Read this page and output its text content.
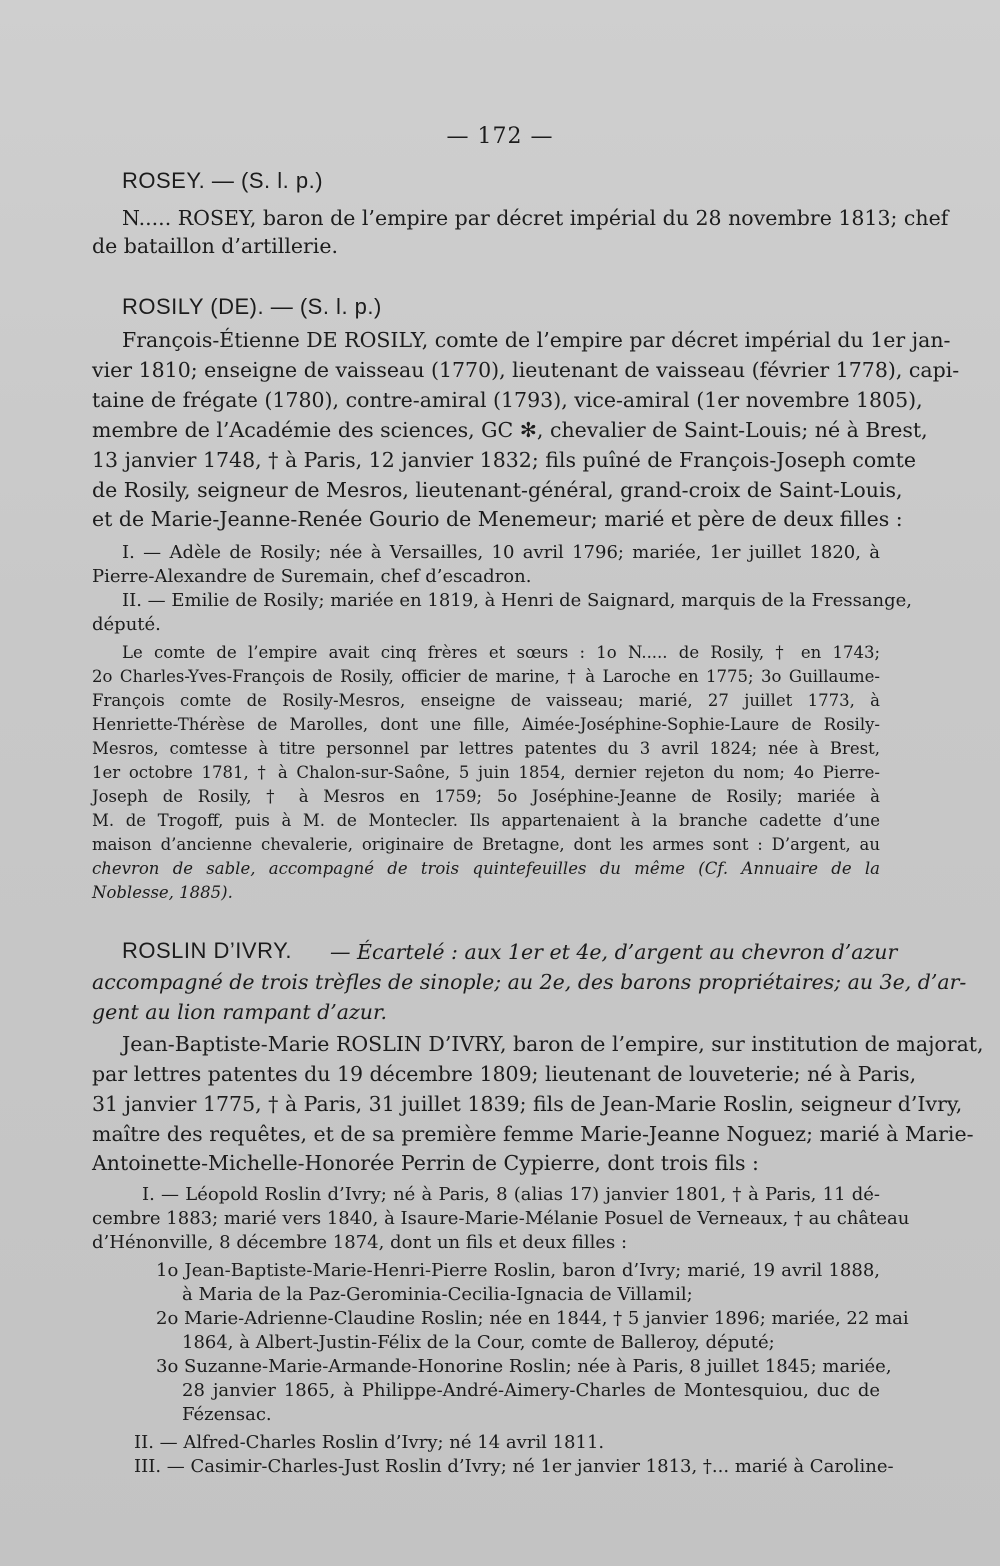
— 172 —
ROSEY. — (S. l. p.)
N..... ROSEY, baron de l’empire par décret impérial du 28 novembre 1813; chef
de bataillon d’artillerie.
ROSILY (DE). — (S. l. p.)
François-Étienne DE ROSILY, comte de l’empire par décret impérial du 1er jan-
vier 1810; enseigne de vaisseau (1770), lieutenant de vaisseau (février 1778), capi-
taine de frégate (1780), contre-amiral (1793), vice-amiral (1er novembre 1805),
membre de l’Académie des sciences, GC ✻, chevalier de Saint-Louis; né à Brest,
13 janvier 1748, † à Paris, 12 janvier 1832; fils puîné de François-Joseph comte
de Rosily, seigneur de Mesros, lieutenant-général, grand-croix de Saint-Louis,
et de Marie-Jeanne-Renée Gourio de Menemeur; marié et père de deux filles :
I. — Adèle de Rosily; née à Versailles, 10 avril 1796; mariée, 1er juillet 1820, à
Pierre-Alexandre de Suremain, chef d’escadron.
II. — Emilie de Rosily; mariée en 1819, à Henri de Saignard, marquis de la Fressange,
député.
Le comte de l’empire avait cinq frères et sœurs : 1o N..... de Rosily, † en 1743;
2o Charles-Yves-François de Rosily, officier de marine, † à Laroche en 1775; 3o Guillaume-
François comte de Rosily-Mesros, enseigne de vaisseau; marié, 27 juillet 1773, à
Henriette-Thérèse de Marolles, dont une fille, Aimée-Joséphine-Sophie-Laure de Rosily-
Mesros, comtesse à titre personnel par lettres patentes du 3 avril 1824; née à Brest,
1er octobre 1781, † à Chalon-sur-Saône, 5 juin 1854, dernier rejeton du nom; 4o Pierre-
Joseph de Rosily, † à Mesros en 1759; 5o Joséphine-Jeanne de Rosily; mariée à
M. de Trogoff, puis à M. de Montecler. Ils appartenaient à la branche cadette d’une
maison d’ancienne chevalerie, originaire de Bretagne, dont les armes sont : D’argent, au
chevron de sable, accompagné de trois quintefeuilles du même (Cf. Annuaire de la
Noblesse, 1885).
ROSLIN D’IVRY.	— Écartelé : aux 1er et 4e, d’argent au chevron d’azur
accompagné de trois trèfles de sinople; au 2e, des barons propriétaires; au 3e, d’ar-
gent au lion rampant d’azur.
Jean-Baptiste-Marie ROSLIN D’IVRY, baron de l’empire, sur institution de majorat,
par lettres patentes du 19 décembre 1809; lieutenant de louveterie; né à Paris,
31 janvier 1775, † à Paris, 31 juillet 1839; fils de Jean-Marie Roslin, seigneur d’Ivry,
maître des requêtes, et de sa première femme Marie-Jeanne Noguez; marié à Marie-
Antoinette-Michelle-Honorée Perrin de Cypierre, dont trois fils :
I. — Léopold Roslin d’Ivry; né à Paris, 8 (alias 17) janvier 1801, † à Paris, 11 dé-
cembre 1883; marié vers 1840, à Isaure-Marie-Mélanie Posuel de Verneaux, † au château
d’Hénonville, 8 décembre 1874, dont un fils et deux filles :
1o Jean-Baptiste-Marie-Henri-Pierre Roslin, baron d’Ivry; marié, 19 avril 1888,
à Maria de la Paz-Gerominia-Cecilia-Ignacia de Villamil;
2o Marie-Adrienne-Claudine Roslin; née en 1844, † 5 janvier 1896; mariée, 22 mai
1864, à Albert-Justin-Félix de la Cour, comte de Balleroy, député;
3o Suzanne-Marie-Armande-Honorine Roslin; née à Paris, 8 juillet 1845; mariée,
28 janvier 1865, à Philippe-André-Aimery-Charles de Montesquiou, duc de
Fézensac.
II. — Alfred-Charles Roslin d’Ivry; né 14 avril 1811.
III. — Casimir-Charles-Just Roslin d’Ivry; né 1er janvier 1813, †... marié à Caroline-
